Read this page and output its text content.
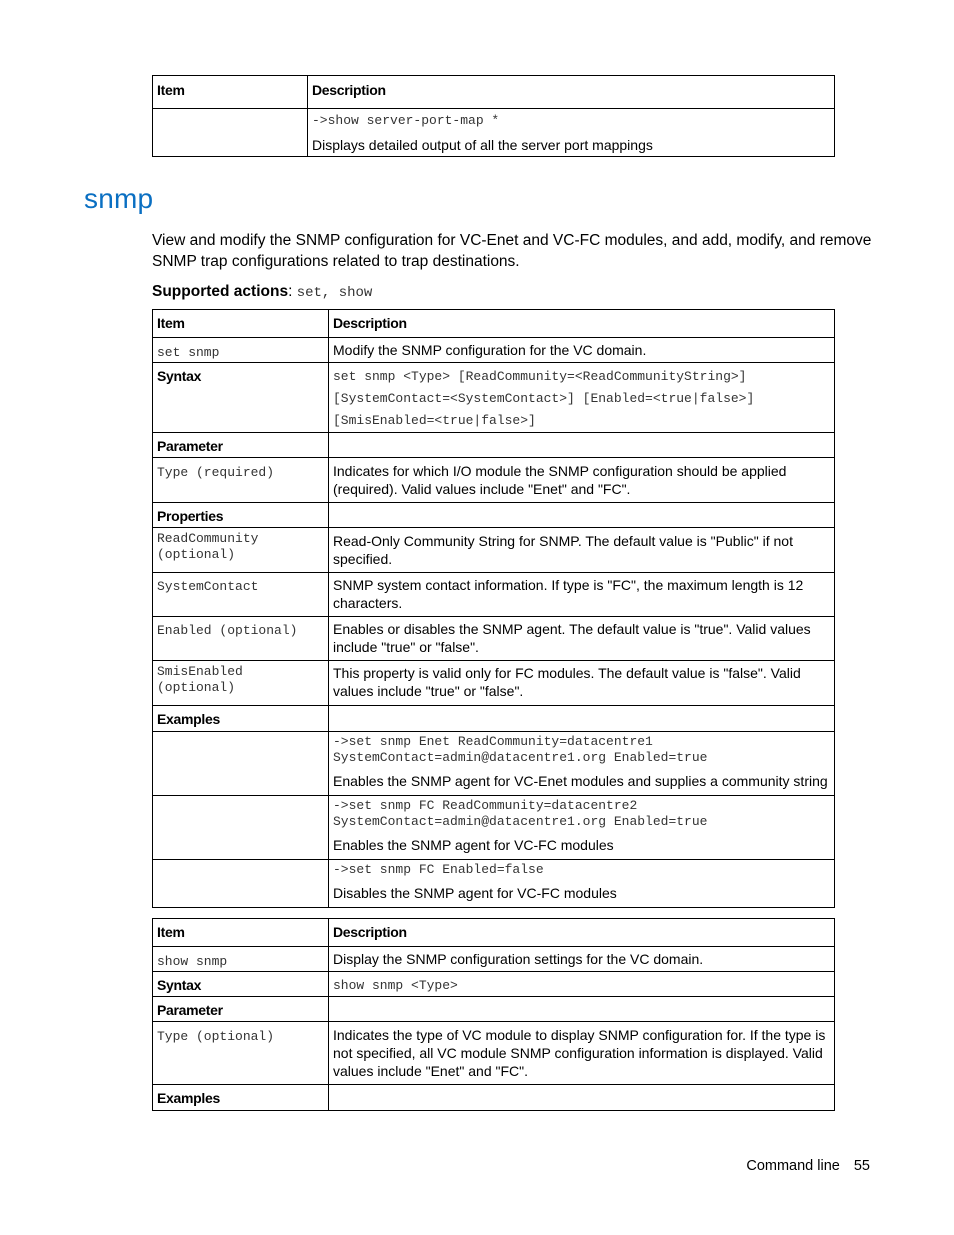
Item	Description

	->show server-port-map *
Displays detailed output of all the server port mappings
snmp
View and modify the SNMP configuration for VC-Enet and VC-FC modules, and add, modify, and remove SNMP trap configurations related to trap destinations.
Supported actions: set, show
Item	Description
set snmp	Modify the SNMP configuration for the VC domain.
Syntax	set snmp <Type> [ReadCommunity=<ReadCommunityString>]
[SystemContact=<SystemContact>] [Enabled=<true|false>]
[SmisEnabled=<true|false>]

Parameter	
Type (required)	Indicates for which I/O module the SNMP configuration should be applied (required). Valid values include "Enet" and "FC".
Properties	

ReadCommunity
(optional)	Read-Only Community String for SNMP. The default value is "Public" if not specified.
SystemContact	SNMP system contact information. If type is "FC", the maximum length is 12 characters.
Enabled (optional)	Enables or disables the SNMP agent. The default value is "true". Valid values include "true" or "false".

SmisEnabled
(optional)	This property is valid only for FC modules. The default value is "false". Valid values include "true" or "false".
Examples	

	->set snmp Enet ReadCommunity=datacentre1
SystemContact=admin@datacentre1.org Enabled=true
Enables the SNMP agent for VC-Enet modules and supplies a community string

	->set snmp FC ReadCommunity=datacentre2
SystemContact=admin@datacentre1.org Enabled=true
Enables the SNMP agent for VC-FC modules

	->set snmp FC Enabled=false
Disables the SNMP agent for VC-FC modules
Item	Description
show snmp	Display the SNMP configuration settings for the VC domain.
Syntax	show snmp <Type>
Parameter	
Type (optional)	Indicates the type of VC module to display SNMP configuration for. If the type is not specified, all VC module SNMP configuration information is displayed. Valid values include "Enet" and "FC".
Examples	
Command line 55
